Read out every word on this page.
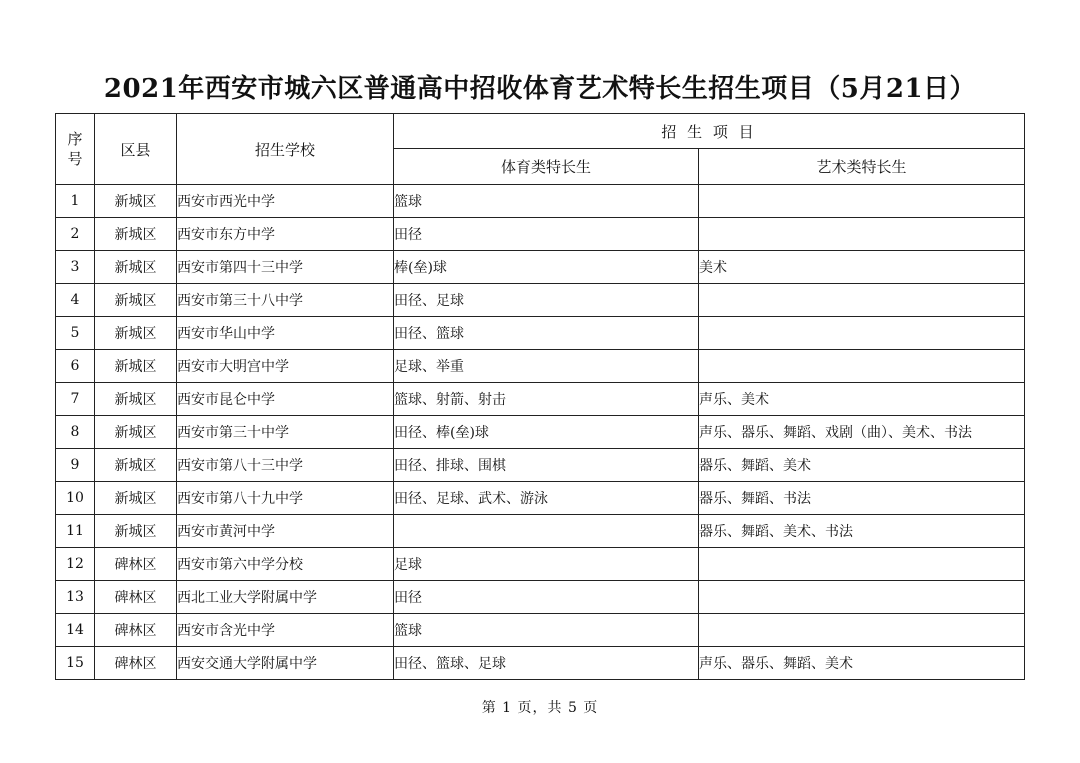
2021年西安市城六区普通高中招收体育艺术特长生招生项目（5月21日）
序号	区县	招生学校	招 生 项 目	
			体育类特长生	艺术类特长生
1	新城区	西安市西光中学	篮球	
2	新城区	西安市东方中学	田径	
3	新城区	西安市第四十三中学	棒(垒)球	美术
4	新城区	西安市第三十八中学	田径、足球	
5	新城区	西安市华山中学	田径、篮球	
6	新城区	西安市大明宫中学	足球、举重	
7	新城区	西安市昆仑中学	篮球、射箭、射击	声乐、美术
8	新城区	西安市第三十中学	田径、棒(垒)球	声乐、器乐、舞蹈、戏剧（曲）、美术、书法
9	新城区	西安市第八十三中学	田径、排球、围棋	器乐、舞蹈、美术
10	新城区	西安市第八十九中学	田径、足球、武术、游泳	器乐、舞蹈、书法
11	新城区	西安市黄河中学		器乐、舞蹈、美术、书法
12	碑林区	西安市第六中学分校	足球	
13	碑林区	西北工业大学附属中学	田径	
14	碑林区	西安市含光中学	篮球	
15	碑林区	西安交通大学附属中学	田径、篮球、足球	声乐、器乐、舞蹈、美术
第 1 页，共 5 页
